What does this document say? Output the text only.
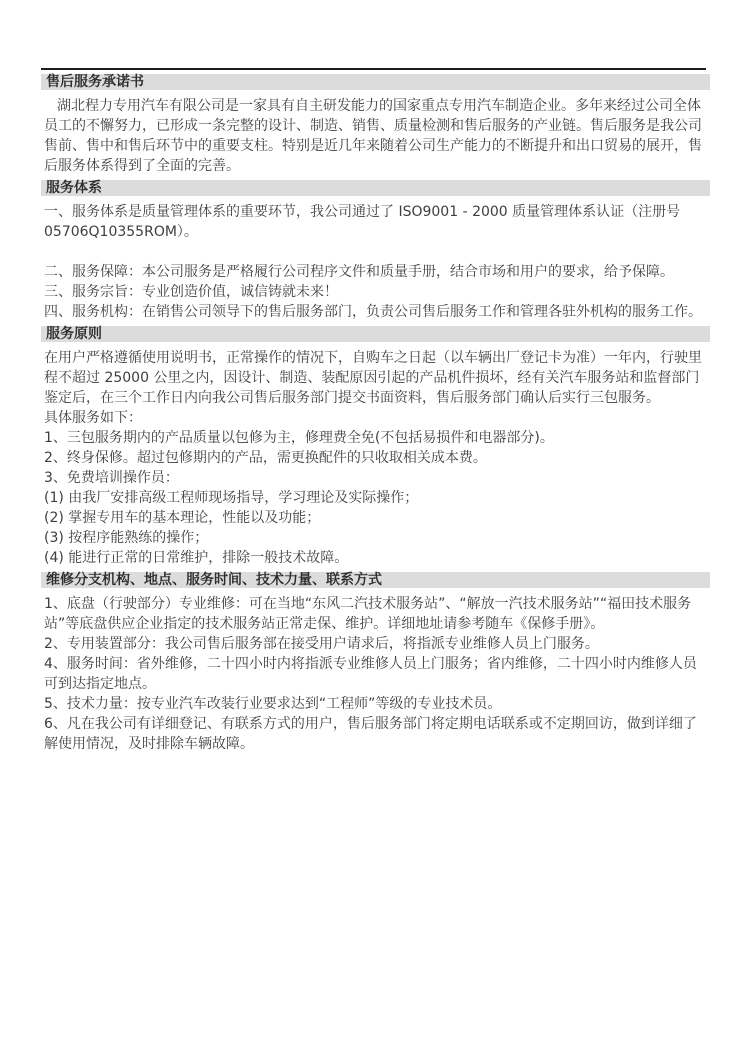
售后服务承诺书

湖北程力专用汽车有限公司是一家具有自主研发能力的国家重点专用汽车制造企业。多年来经过公司全体员工的不懈努力，已形成一条完整的设计、制造、销售、质量检测和售后服务的产业链。售后服务是我公司售前、售中和售后环节中的重要支柱。特别是近几年来随着公司生产能力的不断提升和出口贸易的展开，售后服务体系得到了全面的完善。

服务体系

一、服务体系是质量管理体系的重要环节，我公司通过了 ISO9001 - 2000 质量管理体系认证（注册号 05706Q10355ROM）。

二、服务保障：本公司服务是严格履行公司程序文件和质量手册，结合市场和用户的要求，给予保障。

三、服务宗旨：专业创造价值，诚信铸就未来！

四、服务机构：在销售公司领导下的售后服务部门，负责公司售后服务工作和管理各驻外机构的服务工作。

服务原则

在用户严格遵循使用说明书，正常操作的情况下，自购车之日起（以车辆出厂登记卡为准）一年内，行驶里程不超过 25000 公里之内，因设计、制造、装配原因引起的产品机件损坏，经有关汽车服务站和监督部门鉴定后，在三个工作日内向我公司售后服务部门提交书面资料，售后服务部门确认后实行三包服务。

具体服务如下：

1、三包服务期内的产品质量以包修为主，修理费全免(不包括易损件和电器部分)。

2、终身保修。超过包修期内的产品，需更换配件的只收取相关成本费。

3、免费培训操作员：

(1) 由我厂安排高级工程师现场指导，学习理论及实际操作；

(2) 掌握专用车的基本理论，性能以及功能；

(3) 按程序能熟练的操作；

(4) 能进行正常的日常维护，排除一般技术故障。

维修分支机构、地点、服务时间、技术力量、联系方式

1、底盘（行驶部分）专业维修：可在当地“东风二汽技术服务站”、“解放一汽技术服务站”“福田技术服务站”等底盘供应企业指定的技术服务站正常走保、维护。详细地址请参考随车《保修手册》。

2、专用装置部分：我公司售后服务部在接受用户请求后，将指派专业维修人员上门服务。

4、服务时间：省外维修，二十四小时内将指派专业维修人员上门服务；省内维修，二十四小时内维修人员可到达指定地点。

5、技术力量：按专业汽车改装行业要求达到“工程师”等级的专业技术员。

6、凡在我公司有详细登记、有联系方式的用户，售后服务部门将定期电话联系或不定期回访，做到详细了解使用情况，及时排除车辆故障。
